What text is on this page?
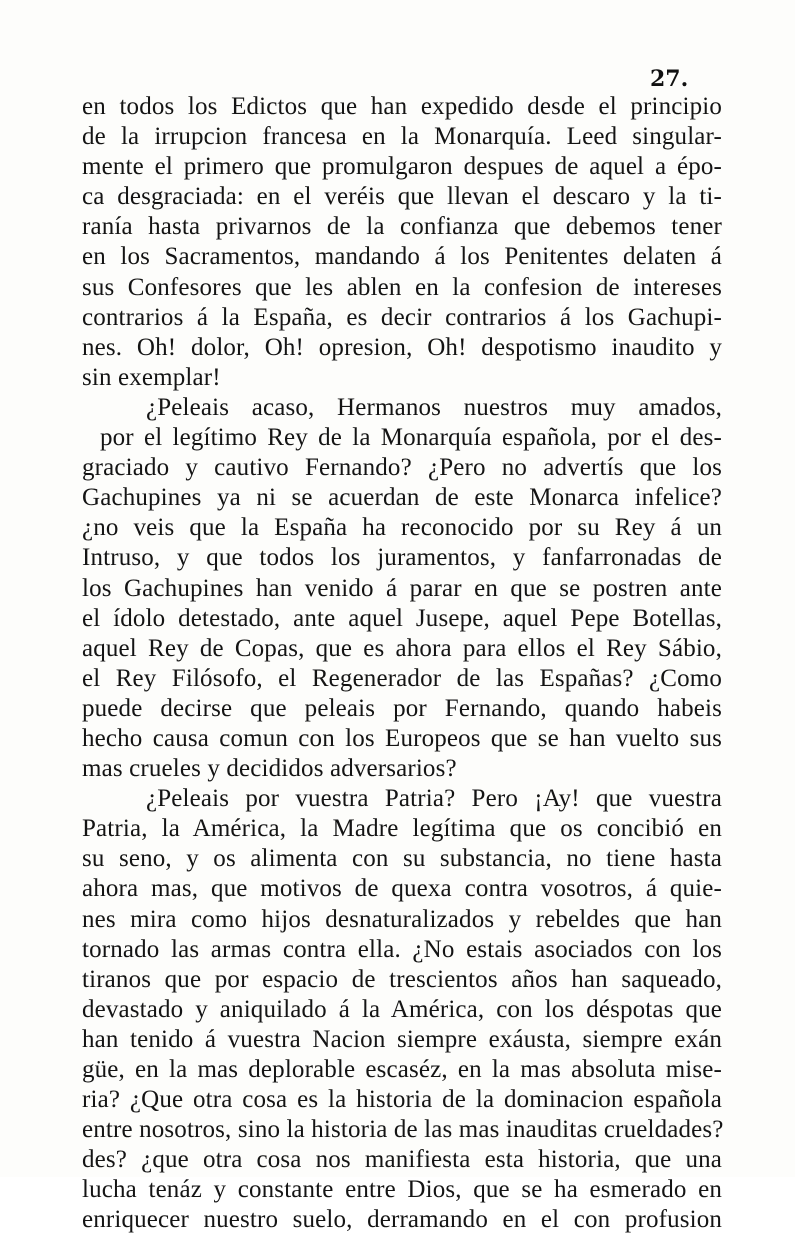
27.
en todos los Edictos que han expedido desde el principio
de la irrupcion francesa en la Monarquía. Leed singular-
mente el primero que promulgaron despues de aquel a épo-
ca desgraciada: en el veréis que llevan el descaro y la ti-
ranía hasta privarnos de la confianza que debemos tener
en los Sacramentos, mandando á los Penitentes delaten á
sus Confesores que les ablen en la confesion de intereses
contrarios á la España, es decir contrarios á los Gachupi-
nes. Oh! dolor, Oh! opresion, Oh! despotismo inaudito y
sin exemplar!
¿Peleais acaso, Hermanos nuestros muy amados,
por el legítimo Rey de la Monarquía española, por el des-
graciado y cautivo Fernando? ¿Pero no advertís que los
Gachupines ya ni se acuerdan de este Monarca infelice?
¿no veis que la España ha reconocido por su Rey á un
Intruso, y que todos los juramentos, y fanfarronadas de
los Gachupines han venido á parar en que se postren ante
el ídolo detestado, ante aquel Jusepe, aquel Pepe Botellas,
aquel Rey de Copas, que es ahora para ellos el Rey Sábio,
el Rey Filósofo, el Regenerador de las Españas? ¿Como
puede decirse que peleais por Fernando, quando habeis
hecho causa comun con los Europeos que se han vuelto sus
mas crueles y decididos adversarios?
¿Peleais por vuestra Patria? Pero ¡Ay! que vuestra
Patria, la América, la Madre legítima que os concibió en
su seno, y os alimenta con su substancia, no tiene hasta
ahora mas, que motivos de quexa contra vosotros, á quie-
nes mira como hijos desnaturalizados y rebeldes que han
tornado las armas contra ella. ¿No estais asociados con los
tiranos que por espacio de trescientos años han saqueado,
devastado y aniquilado á la América, con los déspotas que
han tenido á vuestra Nacion siempre exáusta, siempre exán
güe, en la mas deplorable escaséz, en la mas absoluta mise-
ria? ¿Que otra cosa es la historia de la dominacion española
entre nosotros, sino la historia de las mas inauditas crueldades?
des? ¿que otra cosa nos manifiesta esta historia, que una
lucha tenáz y constante entre Dios, que se ha esmerado en
enriquecer nuestro suelo, derramando en el con profusion
